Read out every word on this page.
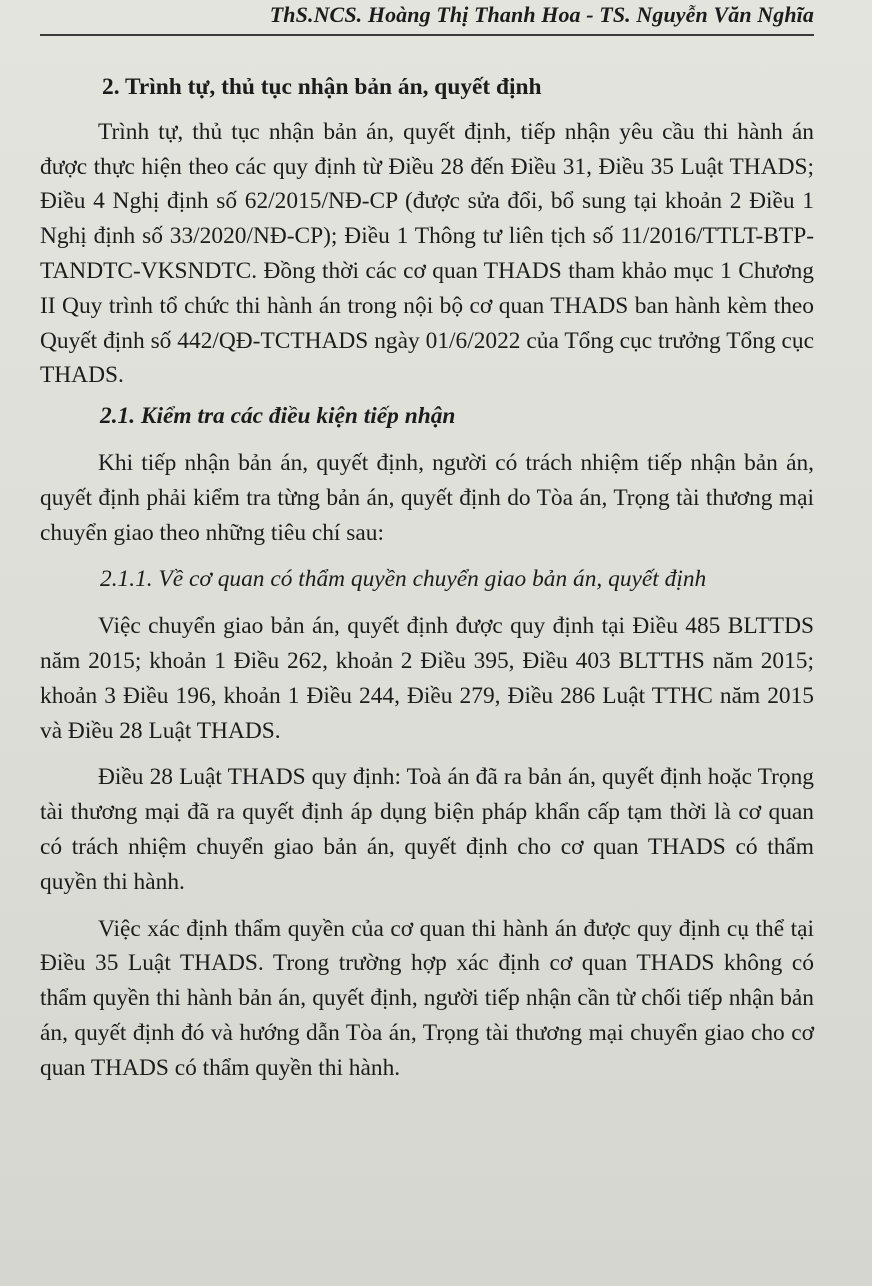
ThS.NCS. Hoàng Thị Thanh Hoa - TS. Nguyễn Văn Nghĩa

2. Trình tự, thủ tục nhận bản án, quyết định

Trình tự, thủ tục nhận bản án, quyết định, tiếp nhận yêu cầu thi hành án được thực hiện theo các quy định từ Điều 28 đến Điều 31, Điều 35 Luật THADS; Điều 4 Nghị định số 62/2015/NĐ-CP (được sửa đổi, bổ sung tại khoản 2 Điều 1 Nghị định số 33/2020/NĐ-CP); Điều 1 Thông tư liên tịch số 11/2016/TTLT-BTP-TANDTC-VKSNDTC. Đồng thời các cơ quan THADS tham khảo mục 1 Chương II Quy trình tổ chức thi hành án trong nội bộ cơ quan THADS ban hành kèm theo Quyết định số 442/QĐ-TCTHADS ngày 01/6/2022 của Tổng cục trưởng Tổng cục THADS.

2.1. Kiểm tra các điều kiện tiếp nhận

Khi tiếp nhận bản án, quyết định, người có trách nhiệm tiếp nhận bản án, quyết định phải kiểm tra từng bản án, quyết định do Tòa án, Trọng tài thương mại chuyển giao theo những tiêu chí sau:

2.1.1. Về cơ quan có thẩm quyền chuyển giao bản án, quyết định

Việc chuyển giao bản án, quyết định được quy định tại Điều 485 BLTTDS năm 2015; khoản 1 Điều 262, khoản 2 Điều 395, Điều 403 BLTTHS năm 2015; khoản 3 Điều 196, khoản 1 Điều 244, Điều 279, Điều 286 Luật TTHC năm 2015 và Điều 28 Luật THADS.

Điều 28 Luật THADS quy định: Toà án đã ra bản án, quyết định hoặc Trọng tài thương mại đã ra quyết định áp dụng biện pháp khẩn cấp tạm thời là cơ quan có trách nhiệm chuyển giao bản án, quyết định cho cơ quan THADS có thẩm quyền thi hành.

Việc xác định thẩm quyền của cơ quan thi hành án được quy định cụ thể tại Điều 35 Luật THADS. Trong trường hợp xác định cơ quan THADS không có thẩm quyền thi hành bản án, quyết định, người tiếp nhận cần từ chối tiếp nhận bản án, quyết định đó và hướng dẫn Tòa án, Trọng tài thương mại chuyển giao cho cơ quan THADS có thẩm quyền thi hành.
